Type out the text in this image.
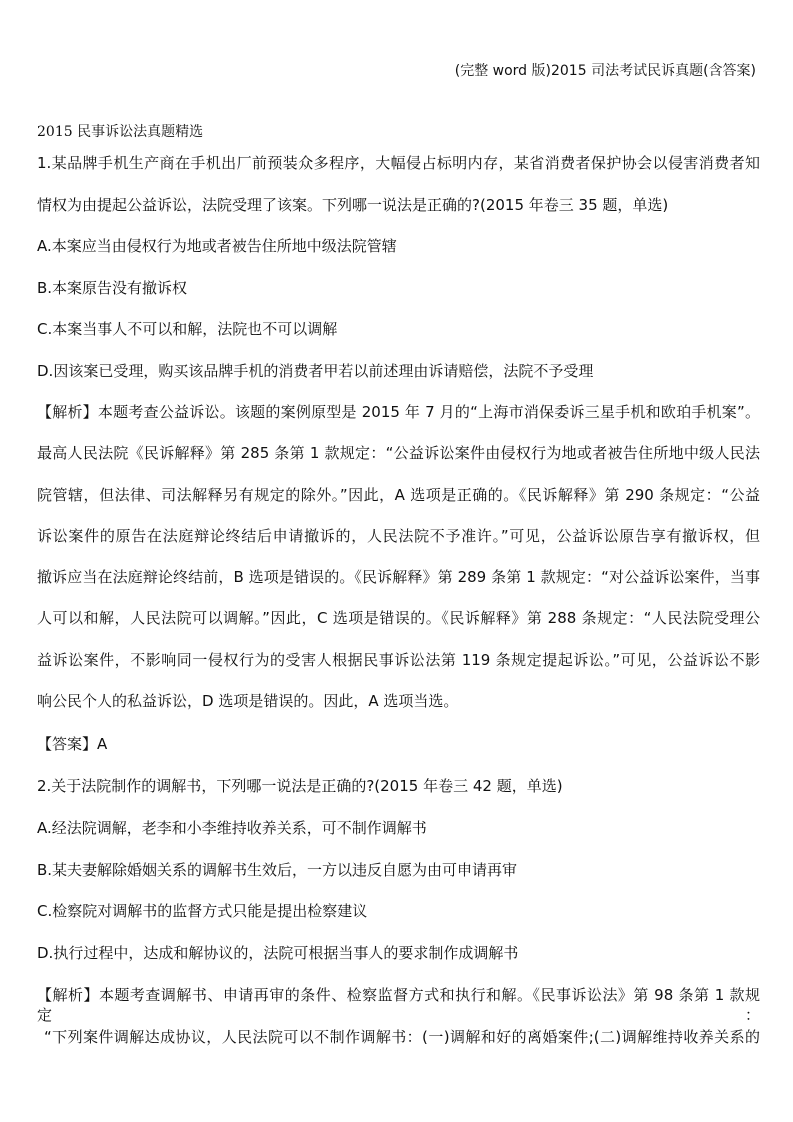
(完整 word 版)2015 司法考试民诉真题(含答案)
2015 民事诉讼法真题精选
1.某品牌手机生产商在手机出厂前预装众多程序，大幅侵占标明内存，某省消费者保护协会以侵害消费者知
情权为由提起公益诉讼，法院受理了该案。下列哪一说法是正确的?(2015 年卷三 35 题，单选)
A.本案应当由侵权行为地或者被告住所地中级法院管辖
B.本案原告没有撤诉权
C.本案当事人不可以和解，法院也不可以调解
D.因该案已受理，购买该品牌手机的消费者甲若以前述理由诉请赔偿，法院不予受理
【解析】本题考查公益诉讼。该题的案例原型是 2015 年 7 月的“上海市消保委诉三星手机和欧珀手机案”。
最高人民法院《民诉解释》第 285 条第 1 款规定：“公益诉讼案件由侵权行为地或者被告住所地中级人民法
院管辖，但法律、司法解释另有规定的除外。”因此，A 选项是正确的。《民诉解释》第 290 条规定：“公益
诉讼案件的原告在法庭辩论终结后申请撤诉的，人民法院不予准许。”可见，公益诉讼原告享有撤诉权，但
撤诉应当在法庭辩论终结前，B 选项是错误的。《民诉解释》第 289 条第 1 款规定：“对公益诉讼案件，当事
人可以和解，人民法院可以调解。”因此，C 选项是错误的。《民诉解释》第 288 条规定：“人民法院受理公
益诉讼案件，不影响同一侵权行为的受害人根据民事诉讼法第 119 条规定提起诉讼。”可见，公益诉讼不影
响公民个人的私益诉讼，D 选项是错误的。因此，A 选项当选。
【答案】A
2.关于法院制作的调解书，下列哪一说法是正确的?(2015 年卷三 42 题，单选)
A.经法院调解，老李和小李维持收养关系，可不制作调解书
B.某夫妻解除婚姻关系的调解书生效后，一方以违反自愿为由可申请再审
C.检察院对调解书的监督方式只能是提出检察建议
D.执行过程中，达成和解协议的，法院可根据当事人的要求制作成调解书
【解析】本题考查调解书、申请再审的条件、检察监督方式和执行和解。《民事诉讼法》第 98 条第 1 款规定：
“下列案件调解达成协议，人民法院可以不制作调解书：(一)调解和好的离婚案件;(二)调解维持收养关系的
